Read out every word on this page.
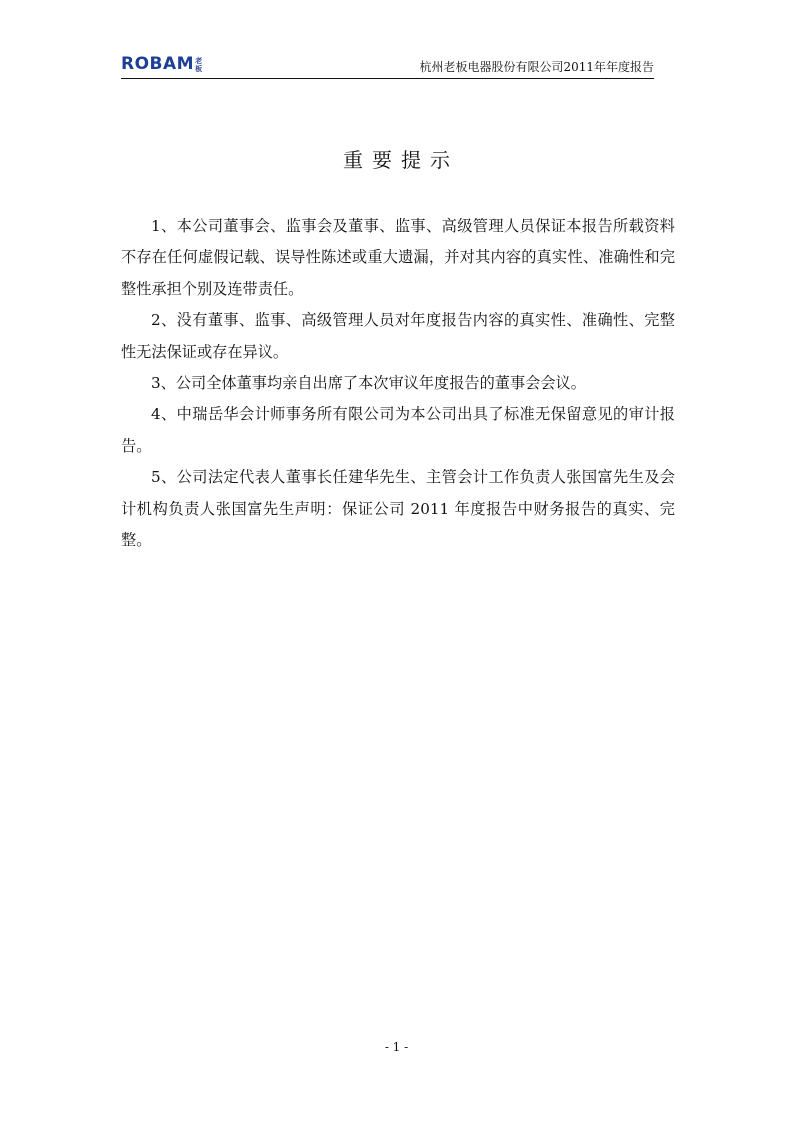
ROBAM 老板	杭州老板电器股份有限公司2011年年度报告
重要提示

1、本公司董事会、监事会及董事、监事、高级管理人员保证本报告所载资料不存在任何虚假记载、误导性陈述或重大遗漏，并对其内容的真实性、准确性和完整性承担个别及连带责任。

2、没有董事、监事、高级管理人员对年度报告内容的真实性、准确性、完整性无法保证或存在异议。

3、公司全体董事均亲自出席了本次审议年度报告的董事会会议。

4、中瑞岳华会计师事务所有限公司为本公司出具了标准无保留意见的审计报告。

5、公司法定代表人董事长任建华先生、主管会计工作负责人张国富先生及会计机构负责人张国富先生声明：保证公司 2011 年度报告中财务报告的真实、完整。

- 1 -
